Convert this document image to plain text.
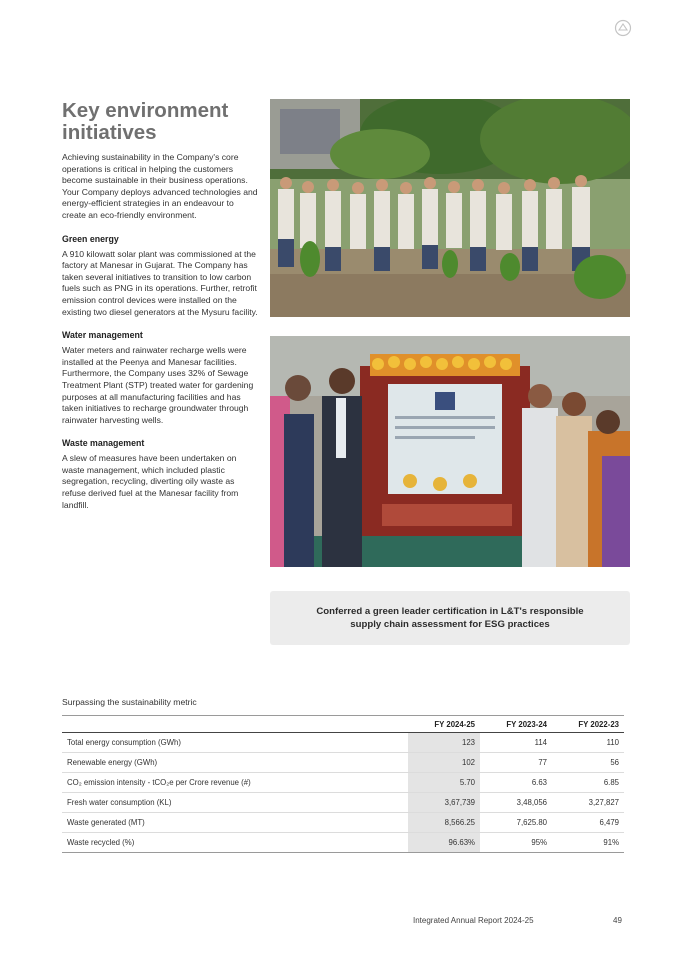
Key environment initiatives

Achieving sustainability in the Company's core operations is critical in helping the customers become sustainable in their business operations. Your Company deploys advanced technologies and energy-efficient strategies in an endeavour to create an eco-friendly environment.

Green energy

A 910 kilowatt solar plant was commissioned at the factory at Manesar in Gujarat. The Company has taken several initiatives to transition to low carbon fuels such as PNG in its operations. Further, retrofit emission control devices were installed on the existing two diesel generators at the Mysuru facility.

Water management

Water meters and rainwater recharge wells were installed at the Peenya and Manesar facilities. Furthermore, the Company uses 32% of Sewage Treatment Plant (STP) treated water for gardening purposes at all manufacturing facilities and has taken initiatives to recharge groundwater through rainwater harvesting wells.

Waste management

A slew of measures have been undertaken on waste management, which included plastic segregation, recycling, diverting oily waste as refuse derived fuel at the Manesar facility from landfill.

Conferred a green leader certification in L&T's responsible supply chain assessment for ESG practices
Surpassing the sustainability metric
	FY 2024-25	FY 2023-24	FY 2022-23
Total energy consumption (GWh)	123	114	110
Renewable energy (GWh)	102	77	56
CO₂ emission intensity - tCO₂e per Crore revenue (#)	5.70	6.63	6.85
Fresh water consumption (KL)	3,67,739	3,48,056	3,27,827
Waste generated (MT)	8,566.25	7,625.80	6,479
Waste recycled (%)	96.63%	95%	91%
Integrated Annual Report 2024-25	49
